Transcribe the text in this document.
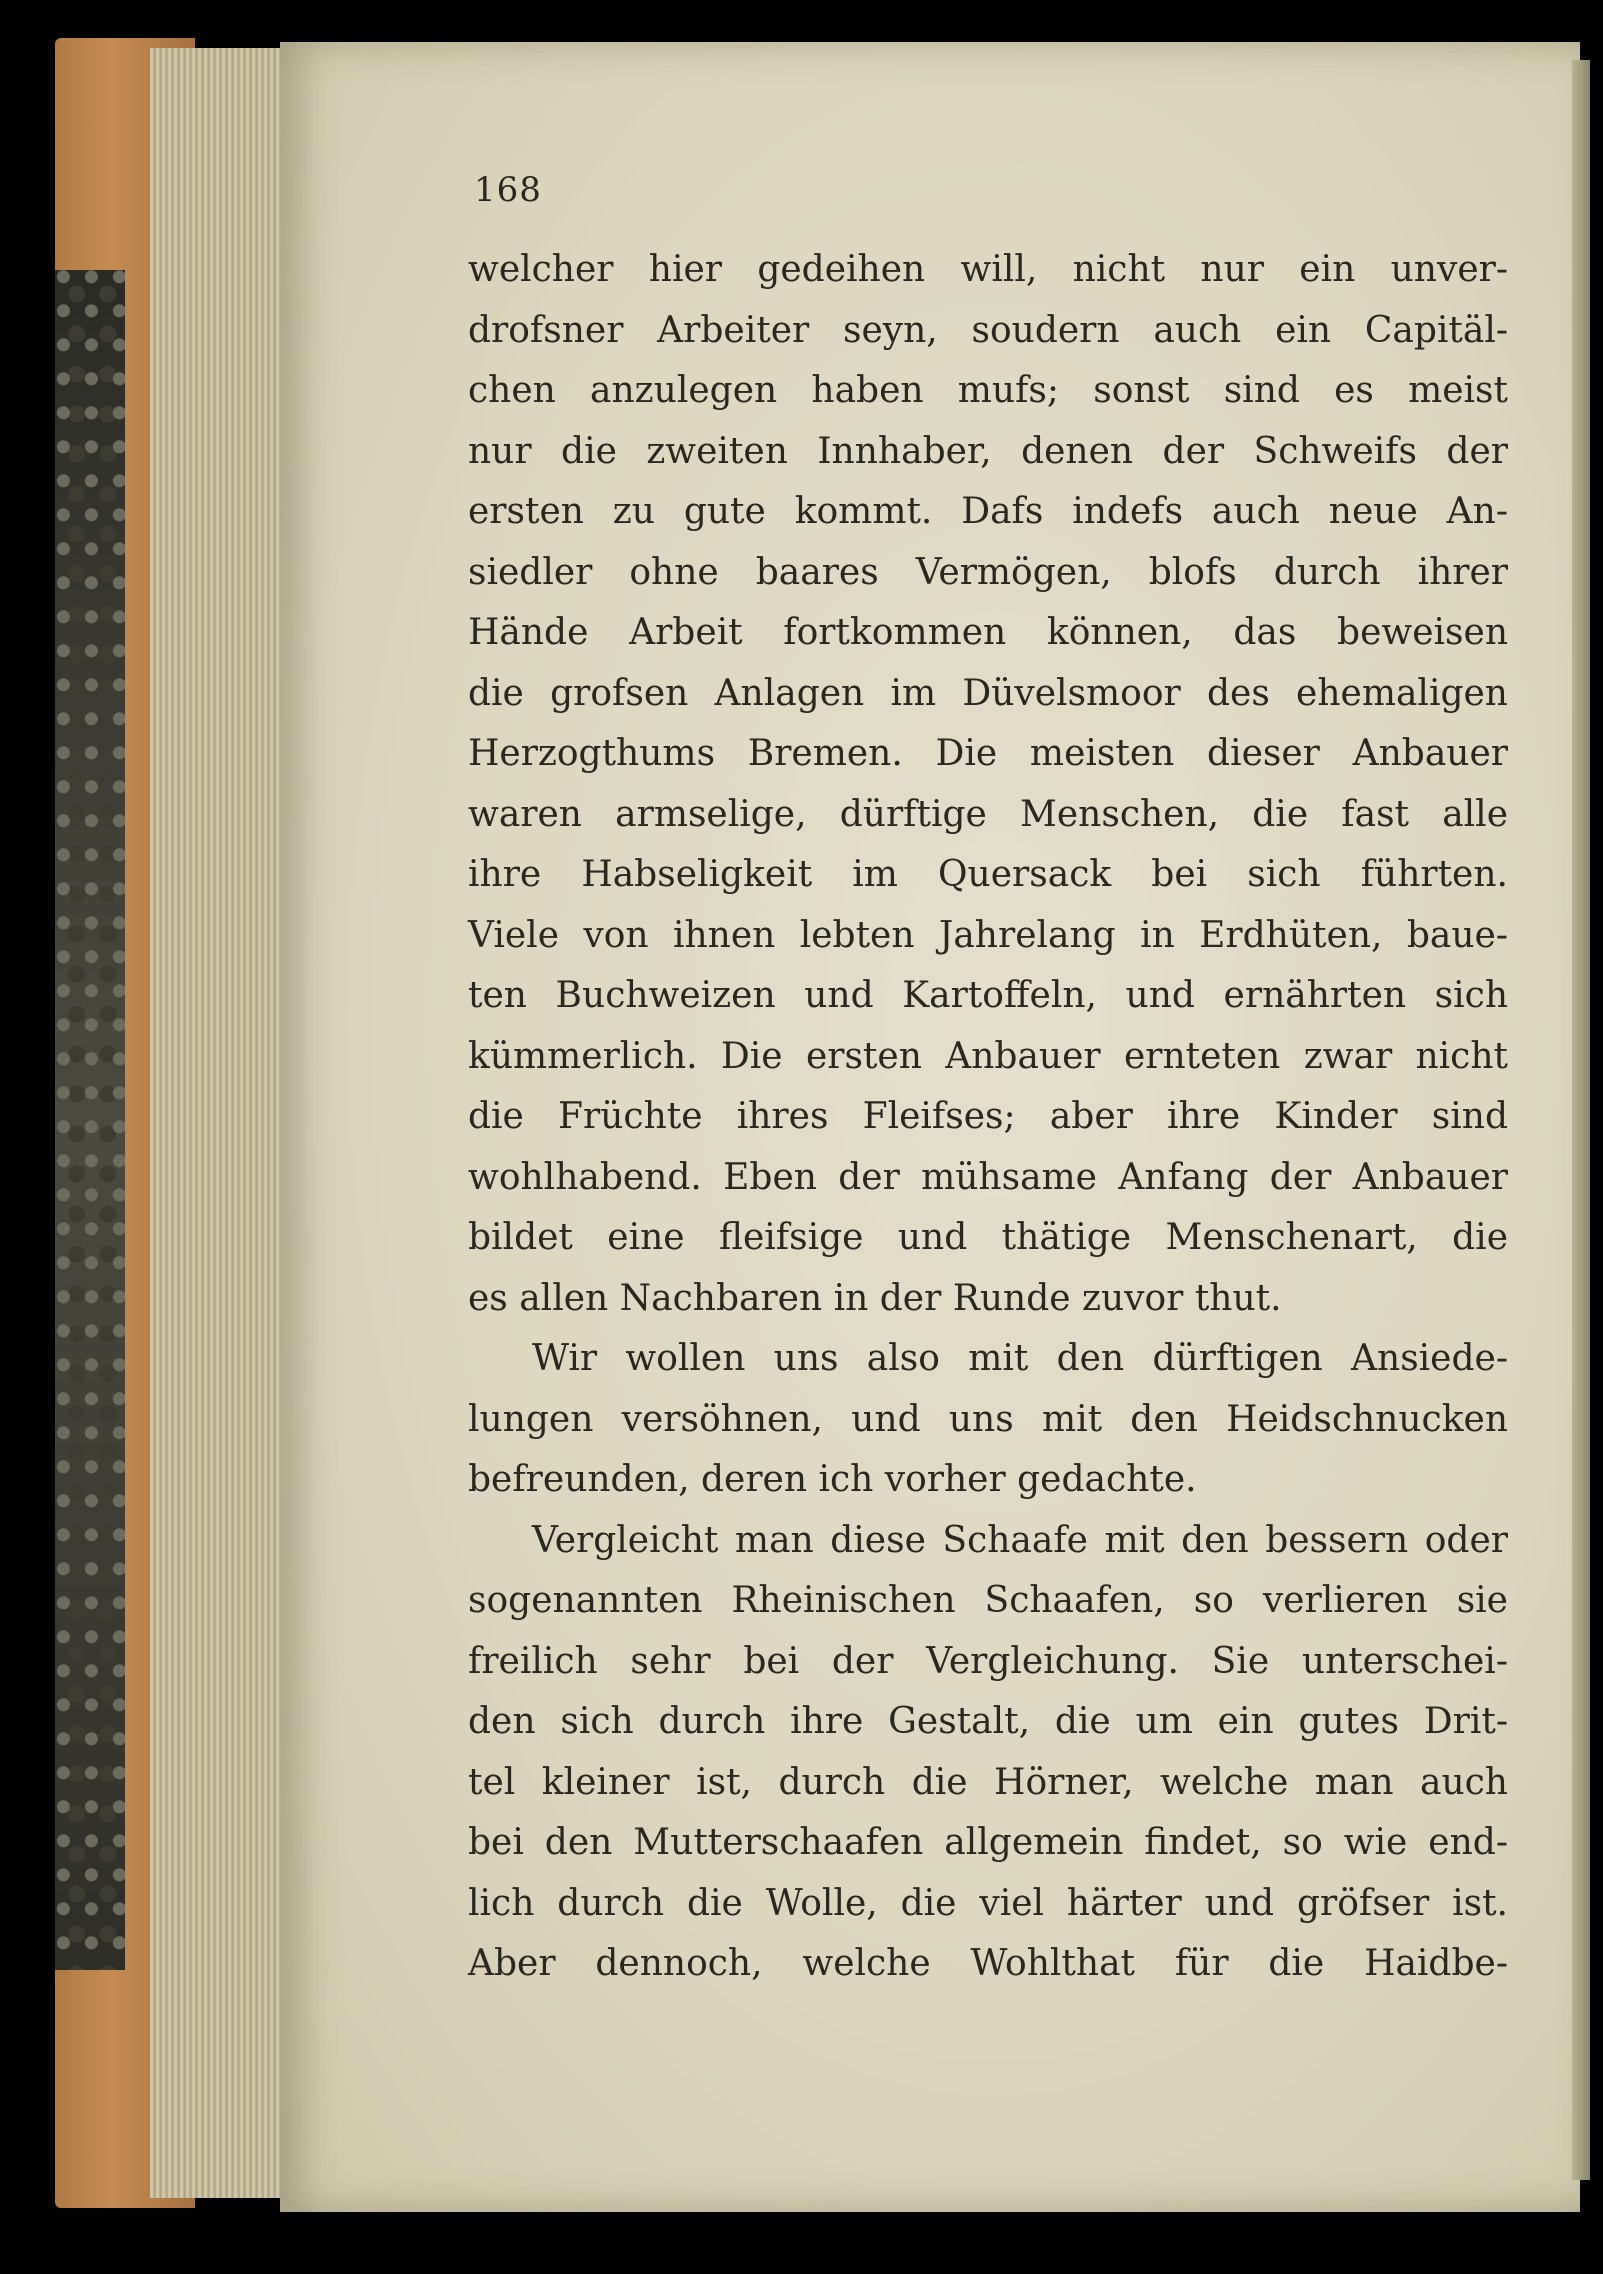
168
welcher hier gedeihen will, nicht nur ein unver-
drofsner Arbeiter seyn, soudern auch ein Capitäl-
chen anzulegen haben mufs; sonst sind es meist
nur die zweiten Innhaber, denen der Schweifs der
ersten zu gute kommt. Dafs indefs auch neue An-
siedler ohne baares Vermögen, blofs durch ihrer
Hände Arbeit fortkommen können, das beweisen
die grofsen Anlagen im Düvelsmoor des ehemaligen
Herzogthums Bremen. Die meisten dieser Anbauer
waren armselige, dürftige Menschen, die fast alle
ihre Habseligkeit im Quersack bei sich führten.
Viele von ihnen lebten Jahrelang in Erdhüten, baue-
ten Buchweizen und Kartoffeln, und ernährten sich
kümmerlich. Die ersten Anbauer ernteten zwar nicht
die Früchte ihres Fleifses; aber ihre Kinder sind
wohlhabend. Eben der mühsame Anfang der Anbauer
bildet eine fleifsige und thätige Menschenart, die
es allen Nachbaren in der Runde zuvor thut.
Wir wollen uns also mit den dürftigen Ansiede-
lungen versöhnen, und uns mit den Heidschnucken
befreunden, deren ich vorher gedachte.
Vergleicht man diese Schaafe mit den bessern oder
sogenannten Rheinischen Schaafen, so verlieren sie
freilich sehr bei der Vergleichung. Sie unterschei-
den sich durch ihre Gestalt, die um ein gutes Drit-
tel kleiner ist, durch die Hörner, welche man auch
bei den Mutterschaafen allgemein findet, so wie end-
lich durch die Wolle, die viel härter und gröfser ist.
Aber dennoch, welche Wohlthat für die Haidbe-
